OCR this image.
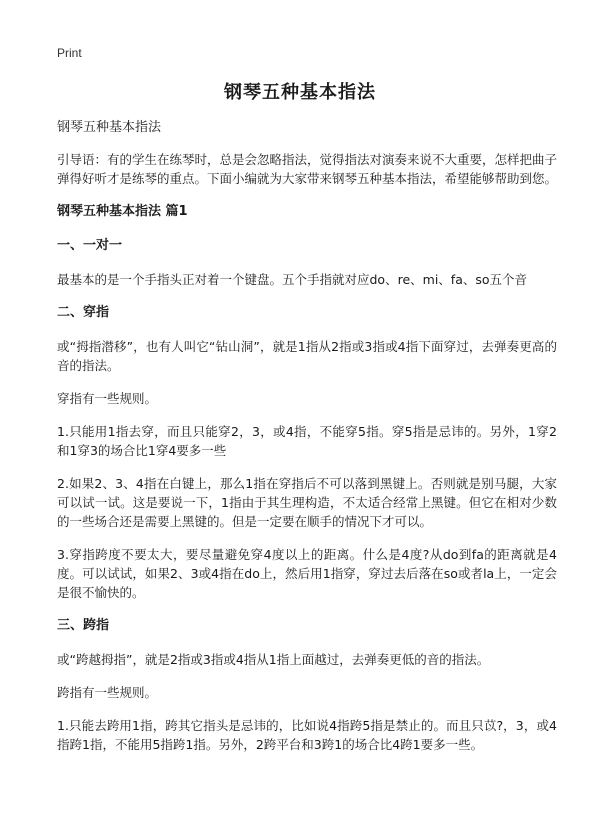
Print
钢琴五种基本指法

钢琴五种基本指法

引导语：有的学生在练琴时，总是会忽略指法，觉得指法对演奏来说不大重要，怎样把曲子弹得好听才是练琴的重点。下面小编就为大家带来钢琴五种基本指法，希望能够帮助到您。

钢琴五种基本指法 篇1
一、一对一

最基本的是一个手指头正对着一个键盘。五个手指就对应do、re、mi、fa、so五个音

二、穿指

或“拇指潜移”，也有人叫它“钻山洞”，就是1指从2指或3指或4指下面穿过，去弹奏更高的音的指法。

穿指有一些规则。

1.只能用1指去穿，而且只能穿2，3，或4指，不能穿5指。穿5指是忌讳的。另外，1穿2和1穿3的场合比1穿4要多一些

2.如果2、3、4指在白键上，那么1指在穿指后不可以落到黑键上。否则就是别马腿，大家可以试一试。这是要说一下，1指由于其生理构造，不太适合经常上黑键。但它在相对少数的一些场合还是需要上黑键的。但是一定要在顺手的情况下才可以。

3.穿指跨度不要太大，要尽量避免穿4度以上的距离。什么是4度?从do到fa的距离就是4度。可以试试，如果2、3或4指在do上，然后用1指穿，穿过去后落在so或者la上，一定会是很不愉快的。

三、跨指

或“跨越拇指”，就是2指或3指或4指从1指上面越过，去弹奏更低的音的指法。

跨指有一些规则。

1.只能去跨用1指，跨其它指头是忌讳的，比如说4指跨5指是禁止的。而且只苡?，3，或4指跨1指，不能用5指跨1指。另外，2跨平台和3跨1的场合比4跨1要多一些。
